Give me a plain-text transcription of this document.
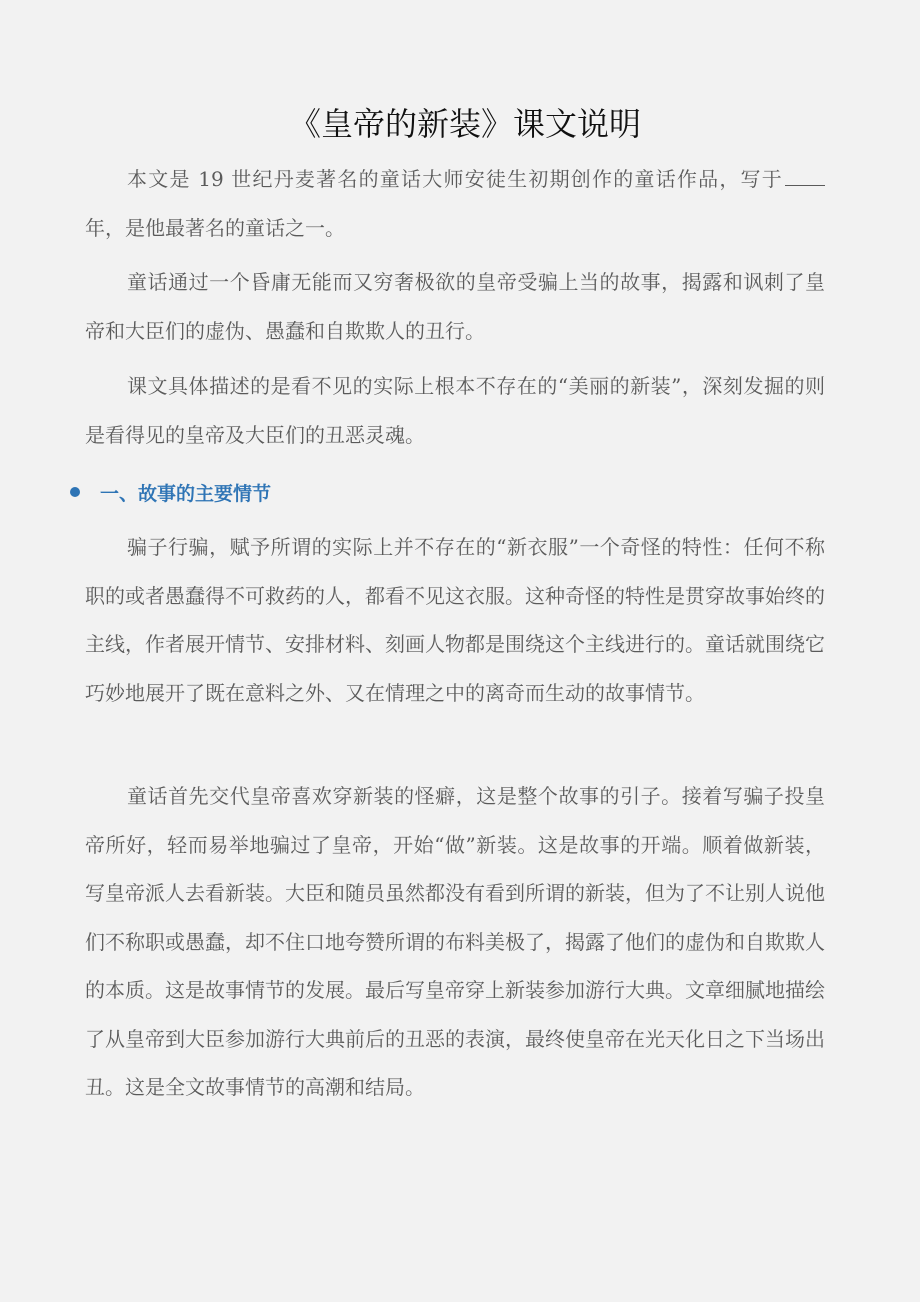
《皇帝的新装》课文说明

本文是 19 世纪丹麦著名的童话大师安徒生初期创作的童话作品，写于年，是他最著名的童话之一。

童话通过一个昏庸无能而又穷奢极欲的皇帝受骗上当的故事，揭露和讽刺了皇帝和大臣们的虚伪、愚蠢和自欺欺人的丑行。

课文具体描述的是看不见的实际上根本不存在的“美丽的新装”，深刻发掘的则是看得见的皇帝及大臣们的丑恶灵魂。

一、故事的主要情节

骗子行骗，赋予所谓的实际上并不存在的“新衣服”一个奇怪的特性：任何不称职的或者愚蠢得不可救药的人，都看不见这衣服。这种奇怪的特性是贯穿故事始终的主线，作者展开情节、安排材料、刻画人物都是围绕这个主线进行的。童话就围绕它巧妙地展开了既在意料之外、又在情理之中的离奇而生动的故事情节。

童话首先交代皇帝喜欢穿新装的怪癖，这是整个故事的引子。接着写骗子投皇帝所好，轻而易举地骗过了皇帝，开始“做”新装。这是故事的开端。顺着做新装，写皇帝派人去看新装。大臣和随员虽然都没有看到所谓的新装，但为了不让别人说他们不称职或愚蠢，却不住口地夸赞所谓的布料美极了，揭露了他们的虚伪和自欺欺人的本质。这是故事情节的发展。最后写皇帝穿上新装参加游行大典。文章细腻地描绘了从皇帝到大臣参加游行大典前后的丑恶的表演，最终使皇帝在光天化日之下当场出丑。这是全文故事情节的高潮和结局。
